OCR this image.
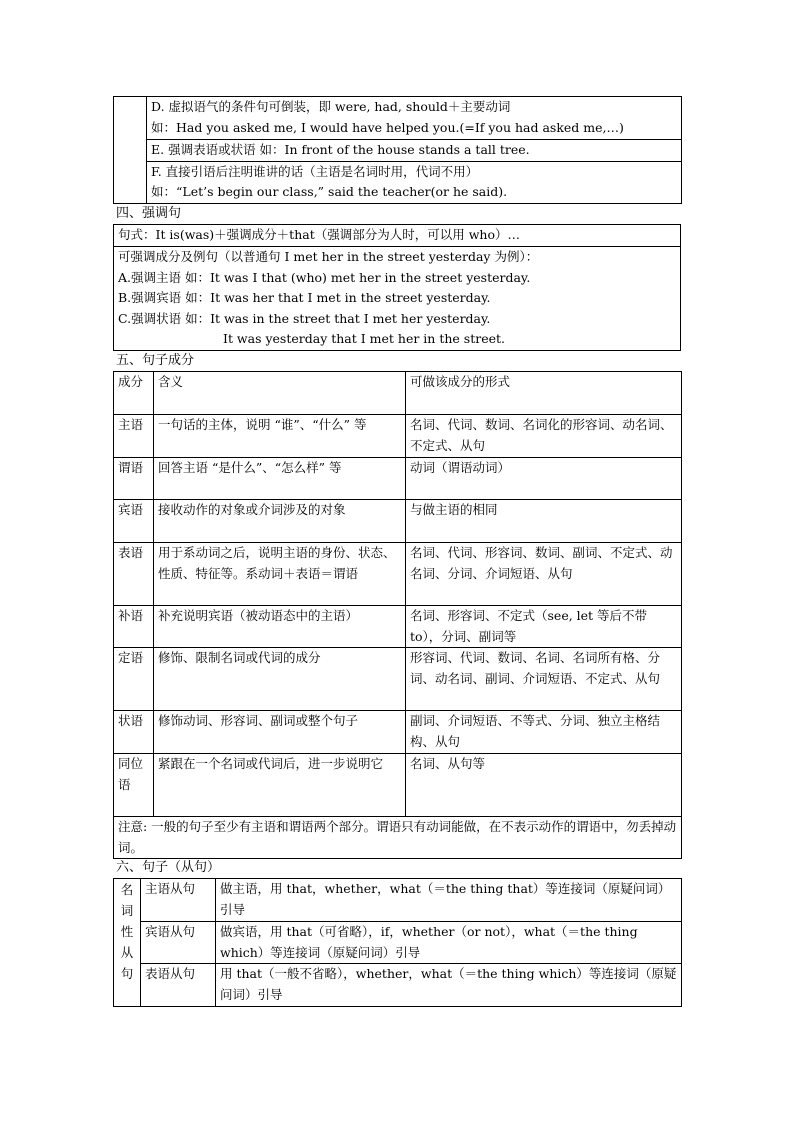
D. 虚拟语气的条件句可倒装，即 were, had, should＋主要动词
如：Had you asked me, I would have helped you.(=If you had asked me,…)

E. 强调表语或状语 如：In front of the house stands a tall tree.

F. 直接引语后注明谁讲的话（主语是名词时用，代词不用）
如：“Let’s begin our class,” said the teacher(or he said).
四、强调句
句式：It is(was)＋强调成分＋that（强调部分为人时，可以用 who）…

可强调成分及例句（以普通句 I met her in the street yesterday 为例）：
A.强调主语 如：It was I that (who) met her in the street yesterday.
B.强调宾语 如：It was her that I met in the street yesterday.
C.强调状语 如：It was in the street that I met her yesterday.
It was yesterday that I met her in the street.
五、句子成分
成分	含义	可做该成分的形式
主语	一句话的主体，说明 “谁”、“什么” 等	名词、代词、数词、名词化的形容词、动名词、不定式、从句
谓语	回答主语 “是什么”、“怎么样” 等	动词（谓语动词）
宾语	接收动作的对象或介词涉及的对象	与做主语的相同
表语	用于系动词之后，说明主语的身份、状态、性质、特征等。系动词＋表语＝谓语	名词、代词、形容词、数词、副词、不定式、动名词、分词、介词短语、从句
补语	补充说明宾语（被动语态中的主语）	名词、形容词、不定式（see, let 等后不带 to），分词、副词等
定语	修饰、限制名词或代词的成分	形容词、代词、数词、名词、名词所有格、分词、动名词、副词、介词短语、不定式、从句
状语	修饰动词、形容词、副词或整个句子	副词、介词短语、不等式、分词、独立主格结构、从句
同位语	紧跟在一个名词或代词后，进一步说明它	名词、从句等
注意: 一般的句子至少有主语和谓语两个部分。谓语只有动词能做，在不表示动作的谓语中，勿丢掉动词。		
六、句子（从句）
名词性从句	主语从句	做主语，用 that，whether，what（＝the thing that）等连接词（原疑问词）引导
	宾语从句	做宾语，用 that（可省略），if，whether（or not），what（＝the thing which）等连接词（原疑问词）引导
	表语从句	用 that（一般不省略），whether，what（＝the thing which）等连接词（原疑问词）引导
